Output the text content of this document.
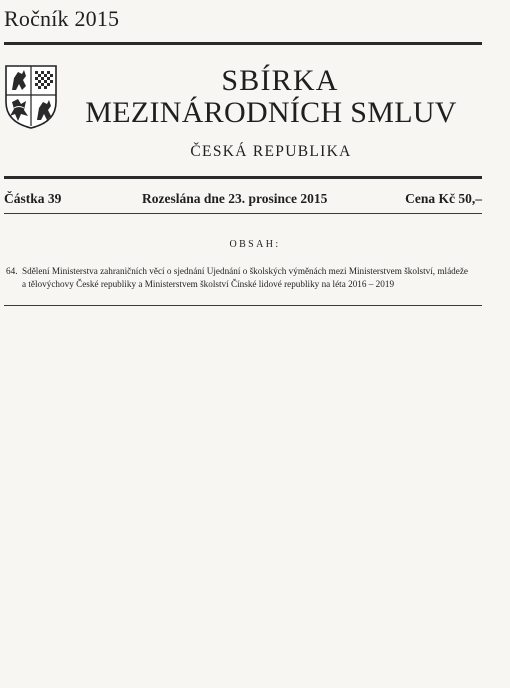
Ročník 2015
SBÍRKA
MEZINÁRODNÍCH SMLUV
ČESKÁ REPUBLIKA
Částka 39	Rozeslána dne 23. prosince 2015	Cena Kč 50,–
OBSAH:
64. Sdělení Ministerstva zahraničních věcí o sjednání Ujednání o školských výměnách mezi Ministerstvem školství, mládeže
a tělovýchovy České republiky a Ministerstvem školství Čínské lidové republiky na léta 2016 – 2019
